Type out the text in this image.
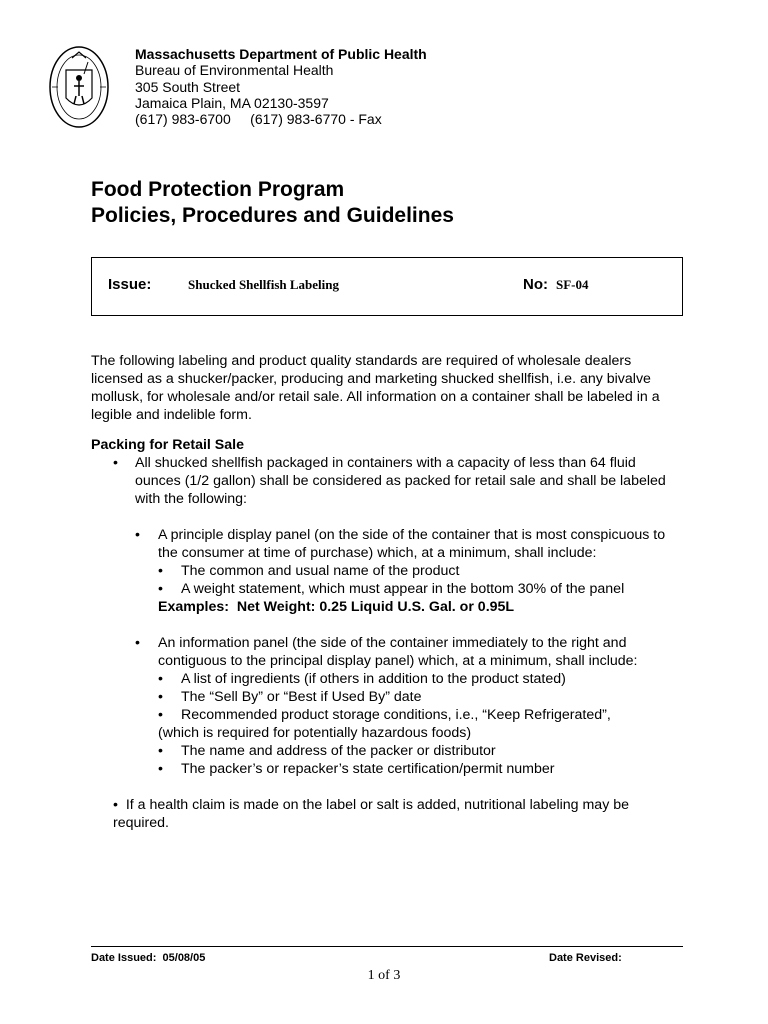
Massachusetts Department of Public Health
Bureau of Environmental Health
305 South Street
Jamaica Plain, MA 02130-3597
(617) 983-6700     (617) 983-6770 - Fax
Food Protection Program
Policies, Procedures and Guidelines
Issue:	Shucked Shellfish Labeling	No: SF-04

The following labeling and product quality standards are required of wholesale dealers licensed as a shucker/packer, producing and marketing shucked shellfish, i.e. any bivalve mollusk, for wholesale and/or retail sale. All information on a container shall be labeled in a legible and indelible form.

Packing for Retail Sale

• All shucked shellfish packaged in containers with a capacity of less than 64 fluid ounces (1/2 gallon) shall be considered as packed for retail sale and shall be labeled with the following:
• A principle display panel (on the side of the container that is most conspicuous to the consumer at time of purchase) which, at a minimum, shall include:
• The common and usual name of the product
• A weight statement, which must appear in the bottom 30% of the panel
Examples:  Net Weight: 0.25 Liquid U.S. Gal. or 0.95L
• An information panel (the side of the container immediately to the right and contiguous to the principal display panel) which, at a minimum, shall include:
• A list of ingredients (if others in addition to the product stated)
• The “Sell By” or “Best if Used By” date
• Recommended product storage conditions, i.e., “Keep Refrigerated”,
(which is required for potentially hazardous foods)
• The name and address of the packer or distributor
• The packer’s or repacker’s state certification/permit number
• If a health claim is made on the label or salt is added, nutritional labeling may be required.
Date Issued:  05/08/05	Date Revised:
1 of 3
